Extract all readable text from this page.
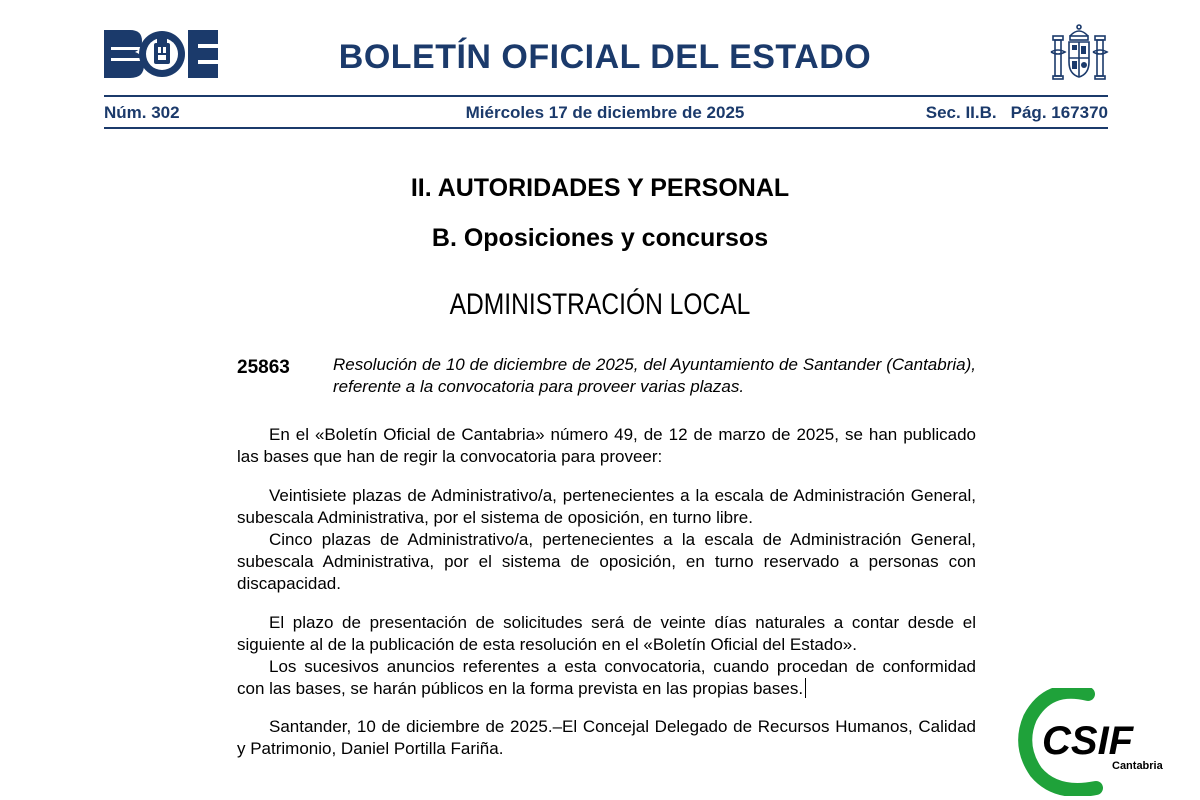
BOLETÍN OFICIAL DEL ESTADO
Núm. 302	Miércoles 17 de diciembre de 2025	Sec. II.B. Pág. 167370
II. AUTORIDADES Y PERSONAL
B. Oposiciones y concursos
ADMINISTRACIÓN LOCAL
25863	Resolución de 10 de diciembre de 2025, del Ayuntamiento de Santander (Cantabria), referente a la convocatoria para proveer varias plazas.

En el «Boletín Oficial de Cantabria» número 49, de 12 de marzo de 2025, se han publicado las bases que han de regir la convocatoria para proveer:

Veintisiete plazas de Administrativo/a, pertenecientes a la escala de Administración General, subescala Administrativa, por el sistema de oposición, en turno libre.

Cinco plazas de Administrativo/a, pertenecientes a la escala de Administración General, subescala Administrativa, por el sistema de oposición, en turno reservado a personas con discapacidad.

El plazo de presentación de solicitudes será de veinte días naturales a contar desde el siguiente al de la publicación de esta resolución en el «Boletín Oficial del Estado».

Los sucesivos anuncios referentes a esta convocatoria, cuando procedan de conformidad con las bases, se harán públicos en la forma prevista en las propias bases.

Santander, 10 de diciembre de 2025.–El Concejal Delegado de Recursos Humanos, Calidad y Patrimonio, Daniel Portilla Fariña.	CSIF
Cantabria
